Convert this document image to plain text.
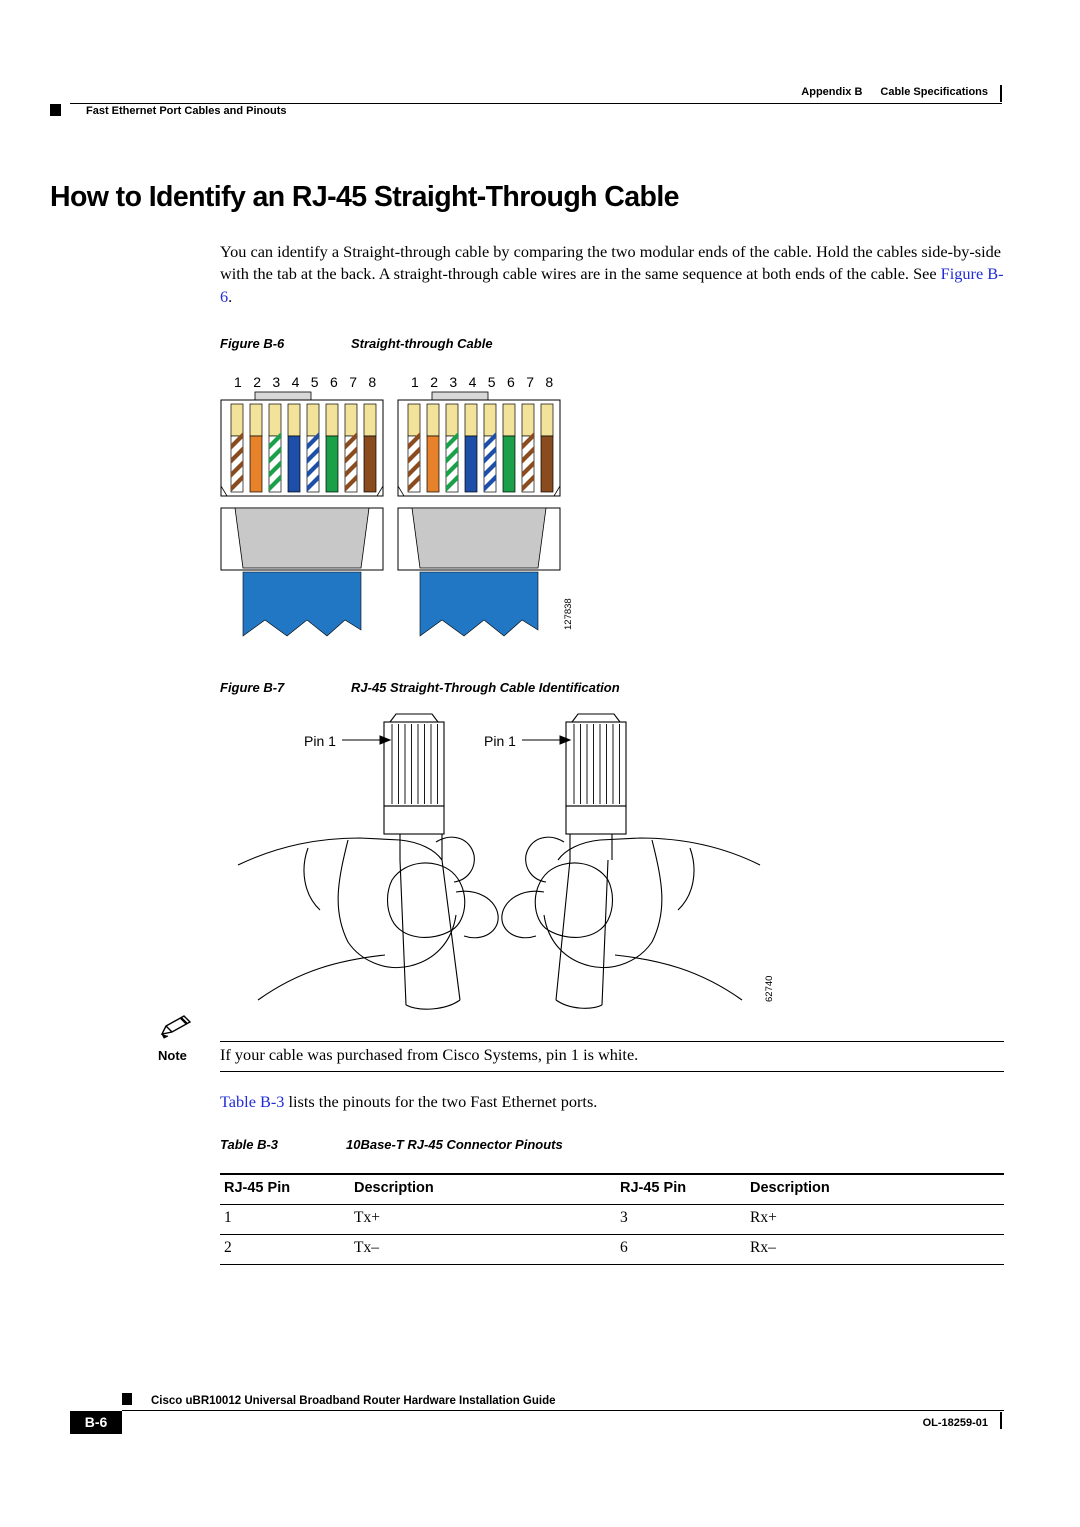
Appendix B Cable Specifications
Fast Ethernet Port Cables and Pinouts
How to Identify an RJ-45 Straight-Through Cable

You can identify a Straight-through cable by comparing the two modular ends of the cable. Hold the cables side-by-side with the tab at the back. A straight-through cable wires are in the same sequence at both ends of the cable. See Figure B-6.

Figure B-6	Straight-through Cable
1 2 3 4 5 6 7 8 1 2 3 4 5 6 7 8
127838
Figure B-7	RJ-45 Straight-Through Cable Identification
Pin 1	Pin 1
62740
Note If your cable was purchased from Cisco Systems, pin 1 is white.
Table B-3 lists the pinouts for the two Fast Ethernet ports.
Table B-3	10Base-T RJ-45 Connector Pinouts
RJ-45 Pin	Description	RJ-45 Pin	Description
1	Tx+	3	Rx+
2	Tx–	6	Rx–
Cisco uBR10012 Universal Broadband Router Hardware Installation Guide
B-6	OL-18259-01
